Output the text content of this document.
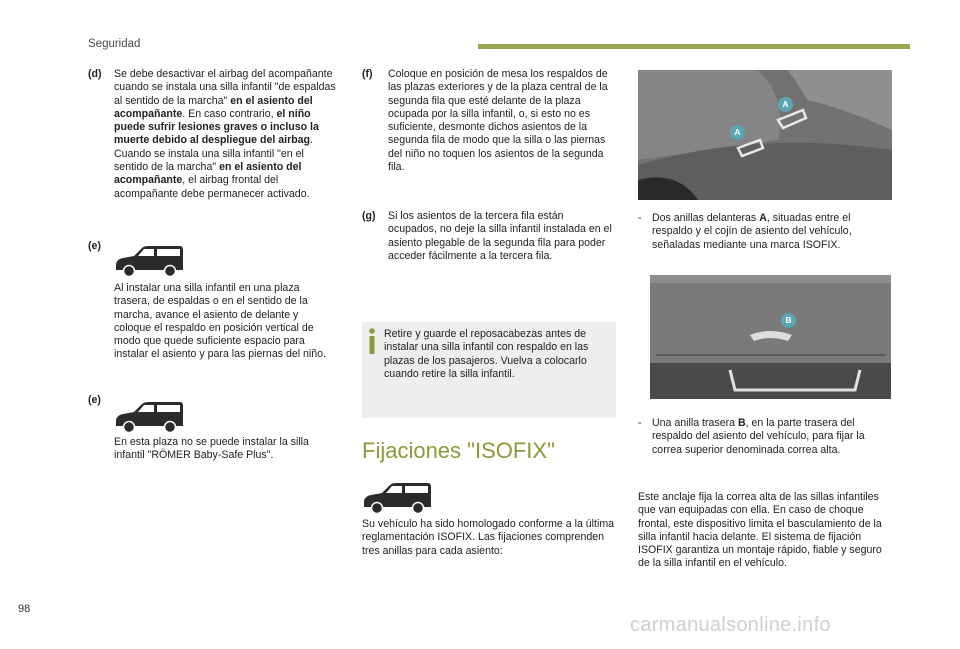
Seguridad
(d) Se debe desactivar el airbag del acompañante cuando se instala una silla infantil "de espaldas al sentido de la marcha" en el asiento del acompañante. En caso contrario, el niño puede sufrir lesiones graves o incluso la muerte debido al despliegue del airbag. Cuando se instala una silla infantil "en el sentido de la marcha" en el asiento del acompañante, el airbag frontal del acompañante debe permanecer activado.
(e)
Al instalar una silla infantil en una plaza trasera, de espaldas o en el sentido de la marcha, avance el asiento de delante y coloque el respaldo en posición vertical de modo que quede suficiente espacio para instalar el asiento y para las piernas del niño.
(e)
En esta plaza no se puede instalar la silla infantil "RÖMER Baby-Safe Plus".
(f) Coloque en posición de mesa los respaldos de las plazas exteriores y de la plaza central de la segunda fila que esté delante de la plaza ocupada por la silla infantil, o, si esto no es suficiente, desmonte dichos asientos de la segunda fila de modo que la silla o las piernas del niño no toquen los asientos de la segunda fila.
(g) Si los asientos de la tercera fila están ocupados, no deje la silla infantil instalada en el asiento plegable de la segunda fila para poder acceder fácilmente a la tercera fila.
Retire y guarde el reposacabezas antes de instalar una silla infantil con respaldo en las plazas de los pasajeros. Vuelva a colocarlo cuando retire la silla infantil.
Fijaciones "ISOFIX"
Su vehículo ha sido homologado conforme a la última reglamentación ISOFIX. Las fijaciones comprenden tres anillas para cada asiento:
A
A
- Dos anillas delanteras A, situadas entre el respaldo y el cojín de asiento del vehículo, señaladas mediante una marca ISOFIX.
B
- Una anilla trasera B, en la parte trasera del respaldo del asiento del vehículo, para fijar la correa superior denominada correa alta.
Este anclaje fija la correa alta de las sillas infantiles que van equipadas con ella. En caso de choque frontal, este dispositivo limita el basculamiento de la silla infantil hacia delante. El sistema de fijación ISOFIX garantiza un montaje rápido, fiable y seguro de la silla infantil en el vehículo.
98
carmanualsonline.info
